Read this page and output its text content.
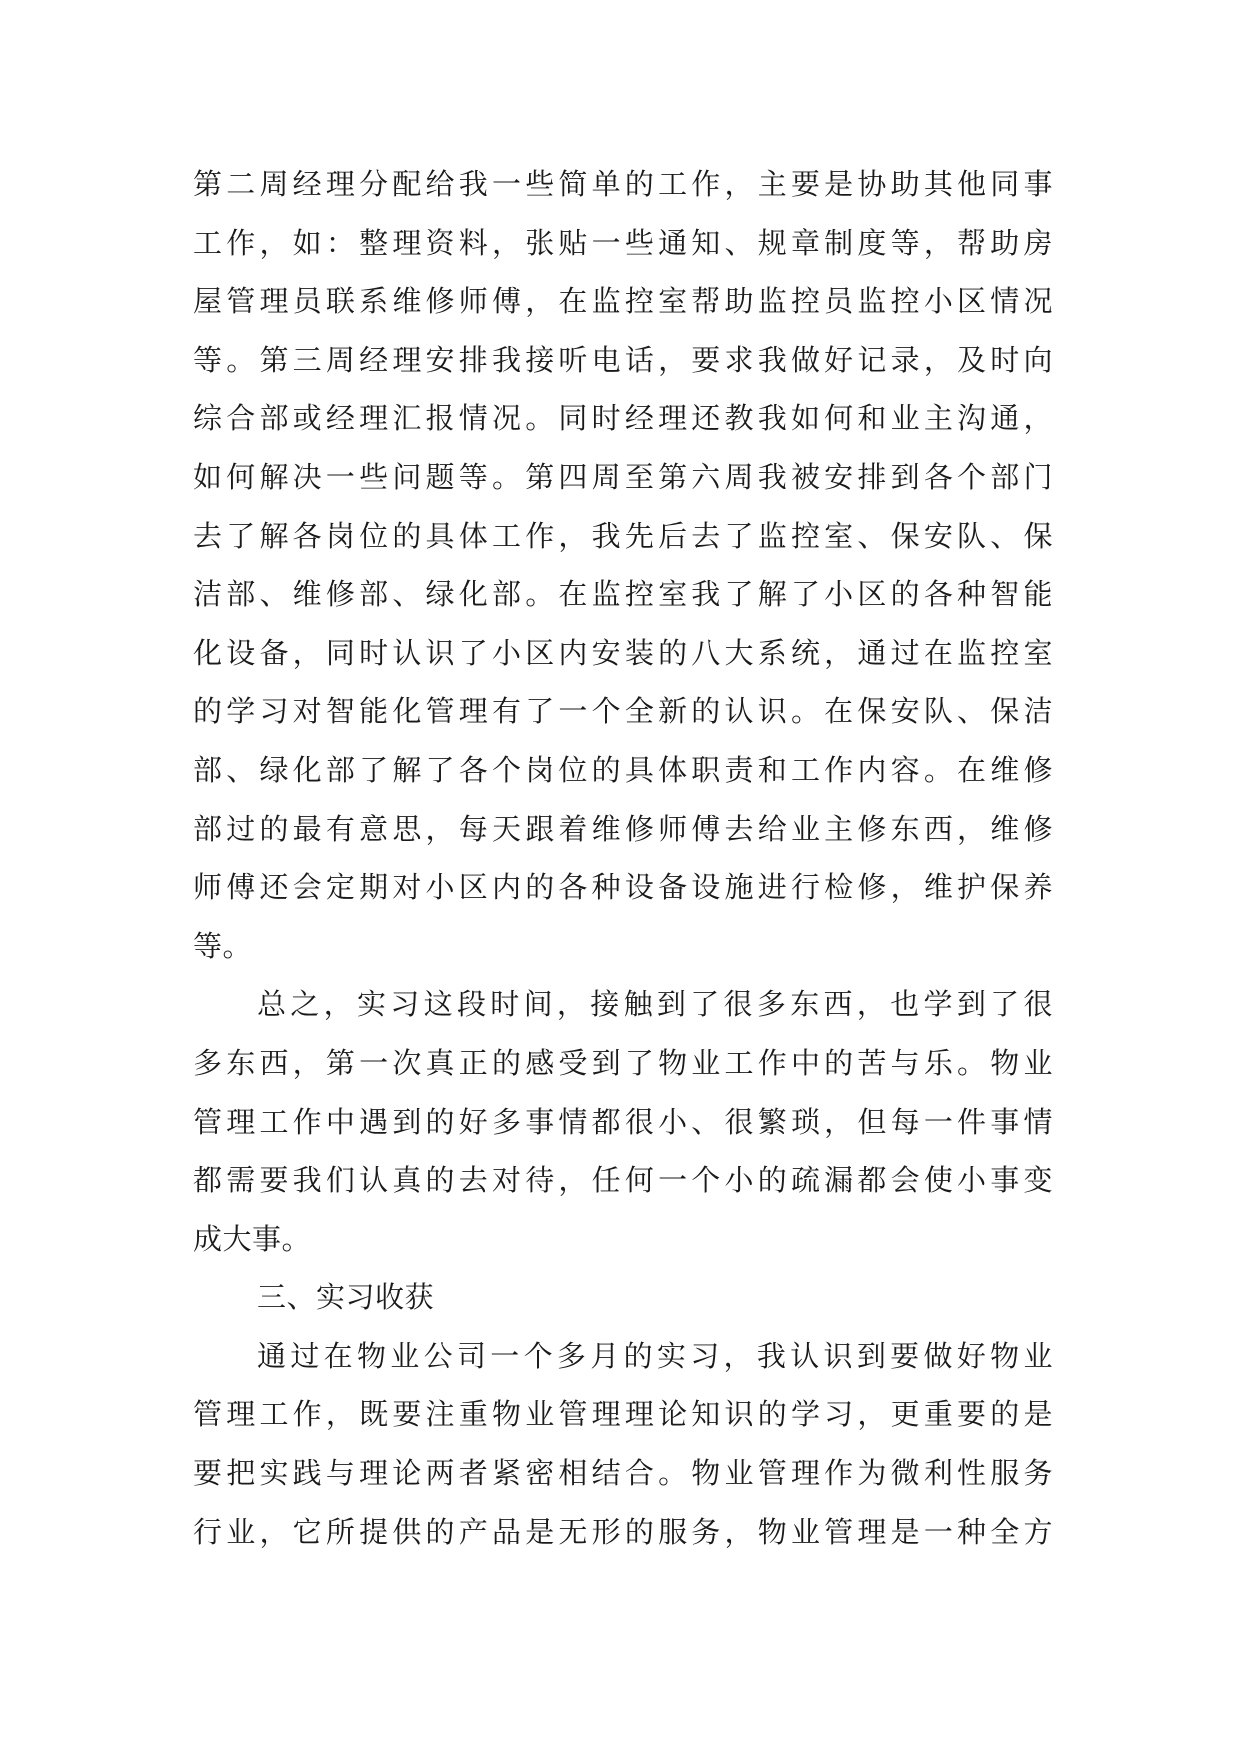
第二周经理分配给我一些简单的工作，主要是协助其他同事
工作，如：整理资料，张贴一些通知、规章制度等，帮助房
屋管理员联系维修师傅，在监控室帮助监控员监控小区情况
等。第三周经理安排我接听电话，要求我做好记录，及时向
综合部或经理汇报情况。同时经理还教我如何和业主沟通，
如何解决一些问题等。第四周至第六周我被安排到各个部门
去了解各岗位的具体工作，我先后去了监控室、保安队、保
洁部、维修部、绿化部。在监控室我了解了小区的各种智能
化设备，同时认识了小区内安装的八大系统，通过在监控室
的学习对智能化管理有了一个全新的认识。在保安队、保洁
部、绿化部了解了各个岗位的具体职责和工作内容。在维修
部过的最有意思，每天跟着维修师傅去给业主修东西，维修
师傅还会定期对小区内的各种设备设施进行检修，维护保养
等。
总之，实习这段时间，接触到了很多东西，也学到了很
多东西，第一次真正的感受到了物业工作中的苦与乐。物业
管理工作中遇到的好多事情都很小、很繁琐，但每一件事情
都需要我们认真的去对待，任何一个小的疏漏都会使小事变
成大事。
三、实习收获
通过在物业公司一个多月的实习，我认识到要做好物业
管理工作，既要注重物业管理理论知识的学习，更重要的是
要把实践与理论两者紧密相结合。物业管理作为微利性服务
行业，它所提供的产品是无形的服务，物业管理是一种全方
